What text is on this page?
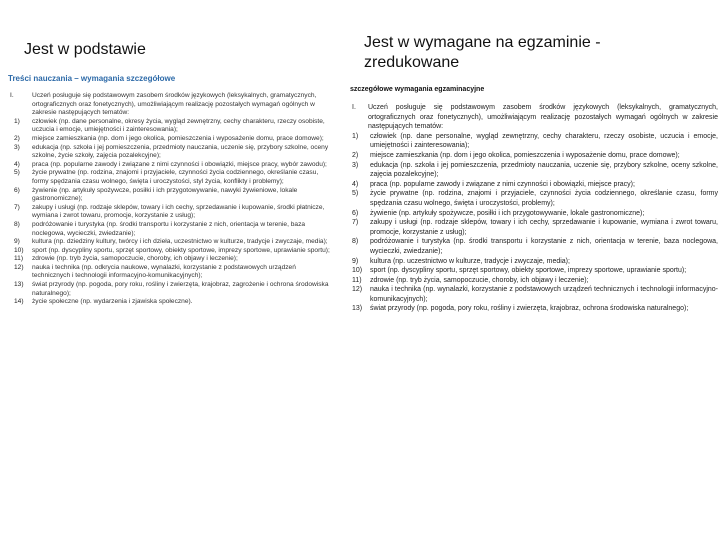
Jest w podstawie	Jest w wymagane na egzaminie - zredukowane
Treści nauczania – wymagania szczegółowe
I.	Uczeń posługuje się podstawowym zasobem środków językowych (leksykalnych, gramatycznych, ortograficznych oraz fonetycznych), umożliwiającym realizację pozostałych wymagań ogólnych w zakresie następujących tematów:
1)	człowiek (np. dane personalne, okresy życia, wygląd zewnętrzny, cechy charakteru, rzeczy osobiste, uczucia i emocje, umiejętności i zainteresowania);
2)	miejsce zamieszkania (np. dom i jego okolica, pomieszczenia i wyposażenie domu, prace domowe);
3)	edukacja (np. szkoła i jej pomieszczenia, przedmioty nauczania, uczenie się, przybory szkolne, oceny szkolne, życie szkoły, zajęcia pozalekcyjne);
4)	praca (np. popularne zawody i związane z nimi czynności i obowiązki, miejsce pracy, wybór zawodu);
5)	życie prywatne (np. rodzina, znajomi i przyjaciele, czynności życia codziennego, określanie czasu, formy spędzania czasu wolnego, święta i uroczystości, styl życia, konflikty i problemy);
6)	żywienie (np. artykuły spożywcze, posiłki i ich przygotowywanie, nawyki żywieniowe, lokale gastronomiczne);
7)	zakupy i usługi (np. rodzaje sklepów, towary i ich cechy, sprzedawanie i kupowanie, środki płatnicze, wymiana i zwrot towaru, promocje, korzystanie z usług);
8)	podróżowanie i turystyka (np. środki transportu i korzystanie z nich, orientacja w terenie, baza noclegowa, wycieczki, zwiedzanie);
9)	kultura (np. dziedziny kultury, twórcy i ich dzieła, uczestnictwo w kulturze, tradycje i zwyczaje, media);
10)	sport (np. dyscypliny sportu, sprzęt sportowy, obiekty sportowe, imprezy sportowe, uprawianie sportu);
11)	zdrowie (np. tryb życia, samopoczucie, choroby, ich objawy i leczenie);
12)	nauka i technika (np. odkrycia naukowe, wynalazki, korzystanie z podstawowych urządzeń technicznych i technologii informacyjno-komunikacyjnych);
13)	świat przyrody (np. pogoda, pory roku, rośliny i zwierzęta, krajobraz, zagrożenie i ochrona środowiska naturalnego);
14)	życie społeczne (np. wydarzenia i zjawiska społeczne).
szczegółowe wymagania egzaminacyjne
I.	Uczeń posługuje się podstawowym zasobem środków językowych (leksykalnych, gramatycznych, ortograficznych oraz fonetycznych), umożliwiającym realizację pozostałych wymagań ogólnych w zakresie następujących tematów:
1)	człowiek (np. dane personalne, wygląd zewnętrzny, cechy charakteru, rzeczy osobiste, uczucia i emocje, umiejętności i zainteresowania);
2)	miejsce zamieszkania (np. dom i jego okolica, pomieszczenia i wyposażenie domu, prace domowe);
3)	edukacja (np. szkoła i jej pomieszczenia, przedmioty nauczania, uczenie się, przybory szkolne, oceny szkolne, zajęcia pozalekcyjne);
4)	praca (np. popularne zawody i związane z nimi czynności i obowiązki, miejsce pracy);
5)	życie prywatne (np. rodzina, znajomi i przyjaciele, czynności życia codziennego, określanie czasu, formy spędzania czasu wolnego, święta i uroczystości, problemy);
6)	żywienie (np. artykuły spożywcze, posiłki i ich przygotowywanie, lokale gastronomiczne);
7)	zakupy i usługi (np. rodzaje sklepów, towary i ich cechy, sprzedawanie i kupowanie, wymiana i zwrot towaru, promocje, korzystanie z usług);
8)	podróżowanie i turystyka (np. środki transportu i korzystanie z nich, orientacja w terenie, baza noclegowa, wycieczki, zwiedzanie);
9)	kultura (np. uczestnictwo w kulturze, tradycje i zwyczaje, media);
10)	sport (np. dyscypliny sportu, sprzęt sportowy, obiekty sportowe, imprezy sportowe, uprawianie sportu);
11)	zdrowie (np. tryb życia, samopoczucie, choroby, ich objawy i leczenie);
12)	nauka i technika (np. wynalazki, korzystanie z podstawowych urządzeń technicznych i technologii informacyjno-komunikacyjnych);
13)	świat przyrody (np. pogoda, pory roku, rośliny i zwierzęta, krajobraz, ochrona środowiska naturalnego);
